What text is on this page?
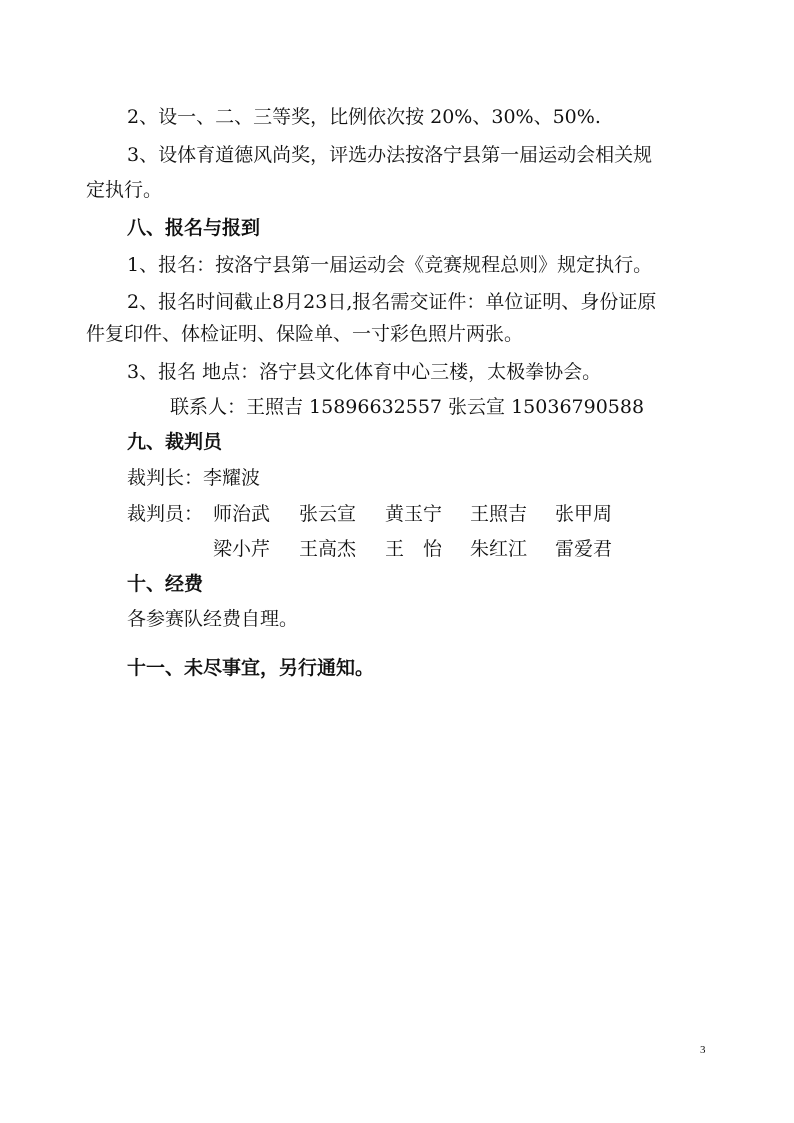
2、设一、二、三等奖，比例依次按 20%、30%、50%.
3、设体育道德风尚奖，评选办法按洛宁县第一届运动会相关规
定执行。
八、报名与报到
1、报名：按洛宁县第一届运动会《竞赛规程总则》规定执行。
2、报名时间截止8月23日,报名需交证件：单位证明、身份证原
件复印件、体检证明、保险单、一寸彩色照片两张。
3、报名 地点：洛宁县文化体育中心三楼，太极拳协会。
联系人：王照吉 15896632557 张云宣 15036790588
九、裁判员
裁判长：李耀波
裁判员： 师治武 张云宣 黄玉宁 王照吉 张甲周
梁小芹 王高杰 王　怡 朱红江 雷爱君
十、经费
各参赛队经费自理。
十一、未尽事宜，另行通知。
3
